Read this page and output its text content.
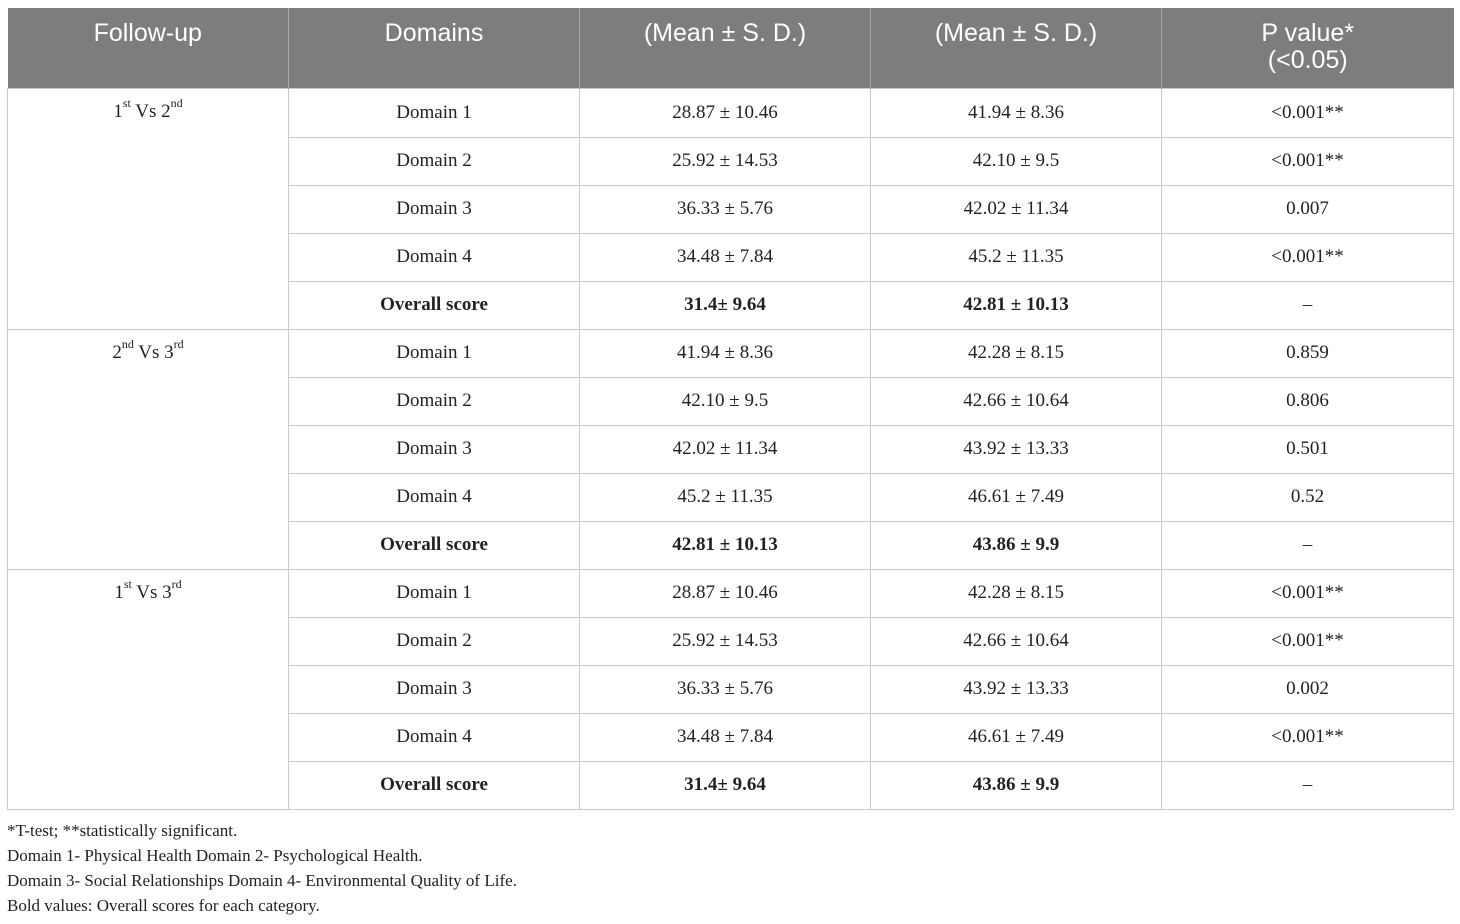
Follow-up	Domains	(Mean ± S. D.)	(Mean ± S. D.)	P value*
(<0.05)
1st Vs 2nd	Domain 1	28.87 ± 10.46	41.94 ± 8.36	<0.001**
	Domain 2	25.92 ± 14.53	42.10 ± 9.5	<0.001**
	Domain 3	36.33 ± 5.76	42.02 ± 11.34	0.007
	Domain 4	34.48 ± 7.84	45.2 ± 11.35	<0.001**
	Overall score	31.4± 9.64	42.81 ± 10.13	–
2nd Vs 3rd	Domain 1	41.94 ± 8.36	42.28 ± 8.15	0.859
	Domain 2	42.10 ± 9.5	42.66 ± 10.64	0.806
	Domain 3	42.02 ± 11.34	43.92 ± 13.33	0.501
	Domain 4	45.2 ± 11.35	46.61 ± 7.49	0.52
	Overall score	42.81 ± 10.13	43.86 ± 9.9	–
1st Vs 3rd	Domain 1	28.87 ± 10.46	42.28 ± 8.15	<0.001**
	Domain 2	25.92 ± 14.53	42.66 ± 10.64	<0.001**
	Domain 3	36.33 ± 5.76	43.92 ± 13.33	0.002
	Domain 4	34.48 ± 7.84	46.61 ± 7.49	<0.001**
	Overall score	31.4± 9.64	43.86 ± 9.9	–
*T-test; **statistically significant.
Domain 1- Physical Health Domain 2- Psychological Health.
Domain 3- Social Relationships Domain 4- Environmental Quality of Life.
Bold values: Overall scores for each category.
